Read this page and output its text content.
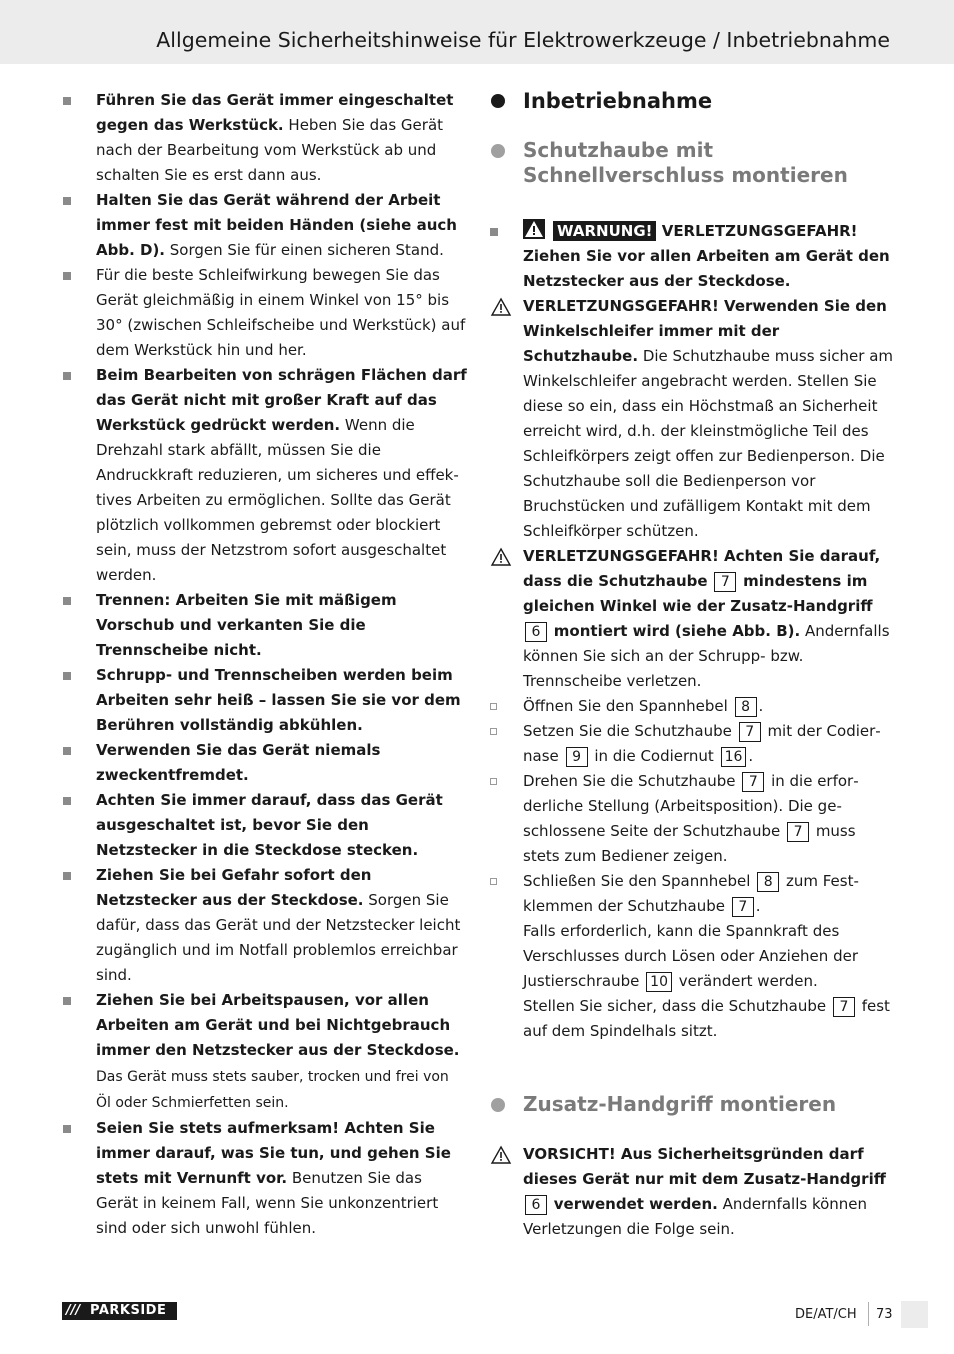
Allgemeine Sicherheitshinweise für Elektrowerkzeuge / Inbetriebnahme
Führen Sie das Gerät immer eingeschaltet gegen das Werkstück. Heben Sie das Gerät nach der Bearbeitung vom Werkstück ab und schalten Sie es erst dann aus.
Halten Sie das Gerät während der Arbeit immer fest mit beiden Händen (siehe auch Abb. D). Sorgen Sie für einen sicheren Stand.
Für die beste Schleifwirkung bewegen Sie das Gerät gleichmäßig in einem Winkel von 15° bis 30° (zwischen Schleifscheibe und Werkstück) auf dem Werkstück hin und her.
Beim Bearbeiten von schrägen Flächen darf das Gerät nicht mit großer Kraft auf das Werkstück gedrückt werden. Wenn die Drehzahl stark abfällt, müssen Sie die Andruckkraft reduzieren, um sicheres und effektives Arbeiten zu ermöglichen. Sollte das Gerät plötzlich vollkommen gebremst oder blockiert sein, muss der Netzstrom sofort ausgeschaltet werden.
Trennen: Arbeiten Sie mit mäßigem Vorschub und verkanten Sie die Trennscheibe nicht.
Schrupp- und Trennscheiben werden beim Arbeiten sehr heiß – lassen Sie sie vor dem Berühren vollständig abkühlen.
Verwenden Sie das Gerät niemals zweckentfremdet.
Achten Sie immer darauf, dass das Gerät ausgeschaltet ist, bevor Sie den Netzstecker in die Steckdose stecken.
Ziehen Sie bei Gefahr sofort den Netzstecker aus der Steckdose. Sorgen Sie dafür, dass das Gerät und der Netzstecker leicht zugänglich und im Notfall problemlos erreichbar sind.
Ziehen Sie bei Arbeitspausen, vor allen Arbeiten am Gerät und bei Nichtgebrauch immer den Netzstecker aus der Steckdose. Das Gerät muss stets sauber, trocken und frei von Öl oder Schmierfetten sein.
Seien Sie stets aufmerksam! Achten Sie immer darauf, was Sie tun, und gehen Sie stets mit Vernunft vor. Benutzen Sie das Gerät in keinem Fall, wenn Sie unkonzentriert sind oder sich unwohl fühlen.
Inbetriebnahme
Schutzhaube mit Schnellverschluss montieren
WARNUNG! VERLETZUNGSGEFAHR! Ziehen Sie vor allen Arbeiten am Gerät den Netzstecker aus der Steckdose.
VERLETZUNGSGEFAHR! Verwenden Sie den Winkelschleifer immer mit der Schutzhaube. Die Schutzhaube muss sicher am Winkelschleifer angebracht werden. Stellen Sie diese so ein, dass ein Höchstmaß an Sicherheit erreicht wird, d.h. der kleinstmögliche Teil des Schleifkörpers zeigt offen zur Bedienperson. Die Schutzhaube soll die Bedienperson vor Bruchstücken und zufälligem Kontakt mit dem Schleifkörper schützen.
VERLETZUNGSGEFAHR! Achten Sie darauf, dass die Schutzhaube 7 mindestens im gleichen Winkel wie der Zusatz-Handgriff 6 montiert wird (siehe Abb. B). Andernfalls können Sie sich an der Schrupp- bzw. Trennscheibe verletzen.
Öffnen Sie den Spannhebel 8 .
Setzen Sie die Schutzhaube 7 mit der Codiernase 9 in die Codiernut 16 .
Drehen Sie die Schutzhaube 7 in die erforderliche Stellung (Arbeitsposition). Die geschlossene Seite der Schutzhaube 7 muss stets zum Bediener zeigen.
Schließen Sie den Spannhebel 8 zum Festklemmen der Schutzhaube 7 .
Falls erforderlich, kann die Spannkraft des Verschlusses durch Lösen oder Anziehen der Justierschraube 10 verändert werden.
Stellen Sie sicher, dass die Schutzhaube 7 fest auf dem Spindelhals sitzt.
Zusatz-Handgriff montieren
VORSICHT! Aus Sicherheitsgründen darf dieses Gerät nur mit dem Zusatz-Handgriff 6 verwendet werden. Andernfalls können Verletzungen die Folge sein.
/// PARKSIDE	DE/AT/CH 73
